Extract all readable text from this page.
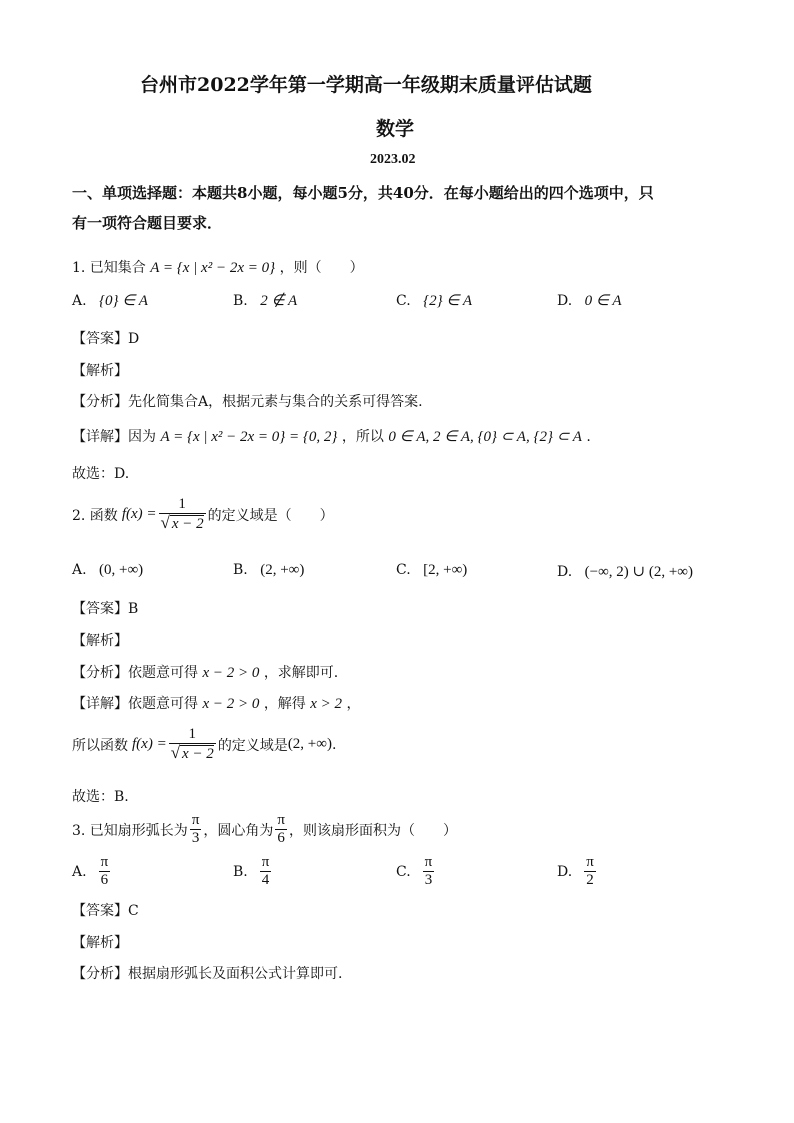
台州市2022学年第一学期高一年级期末质量评估试题
数学
2023.02
一、单项选择题：本题共8小题，每小题5分，共40分．在每小题给出的四个选项中，只
有一项符合题目要求．
1. 已知集合 A = {x | x² − 2x = 0} ，则（　　）
A. {0} ∈ A	B. 2 ∉ A	C. {2} ∈ A	D. 0 ∈ A
【答案】D
【解析】
【分析】先化简集合A，根据元素与集合的关系可得答案.
【详解】因为 A = {x | x² − 2x = 0} = {0, 2} ，所以 0 ∈ A, 2 ∈ A, {0} ⊂ A, {2} ⊂ A .
故选：D.
2. 函数 $f(x) = \frac{1}{√ x - 2}$ 的定义域是（　　）
A. (0, +∞)	B. (2, +∞)	C. [2, +∞)	D. (−∞, 2) ∪ (2, +∞)
【答案】B
【解析】
【分析】依题意可得 x − 2 > 0 ，求解即可.
【详解】依题意可得 x − 2 > 0 ，解得 x > 2 ，
所以函数 $f(x) = \frac{1}{√ x - 2}$ 的定义域是 (2, +∞) .
故选：B.
3. 已知扇形弧长为 $\frac{\pi}{3}$ ，圆心角为 $\frac{\pi}{6}$ ，则该扇形面积为（　　）
A. $\frac{\pi}{6}$	B. $\frac{\pi}{4}$	C. $\frac{\pi}{3}$	D. $\frac{\pi}{2}$
【答案】C
【解析】
【分析】根据扇形弧长及面积公式计算即可.
